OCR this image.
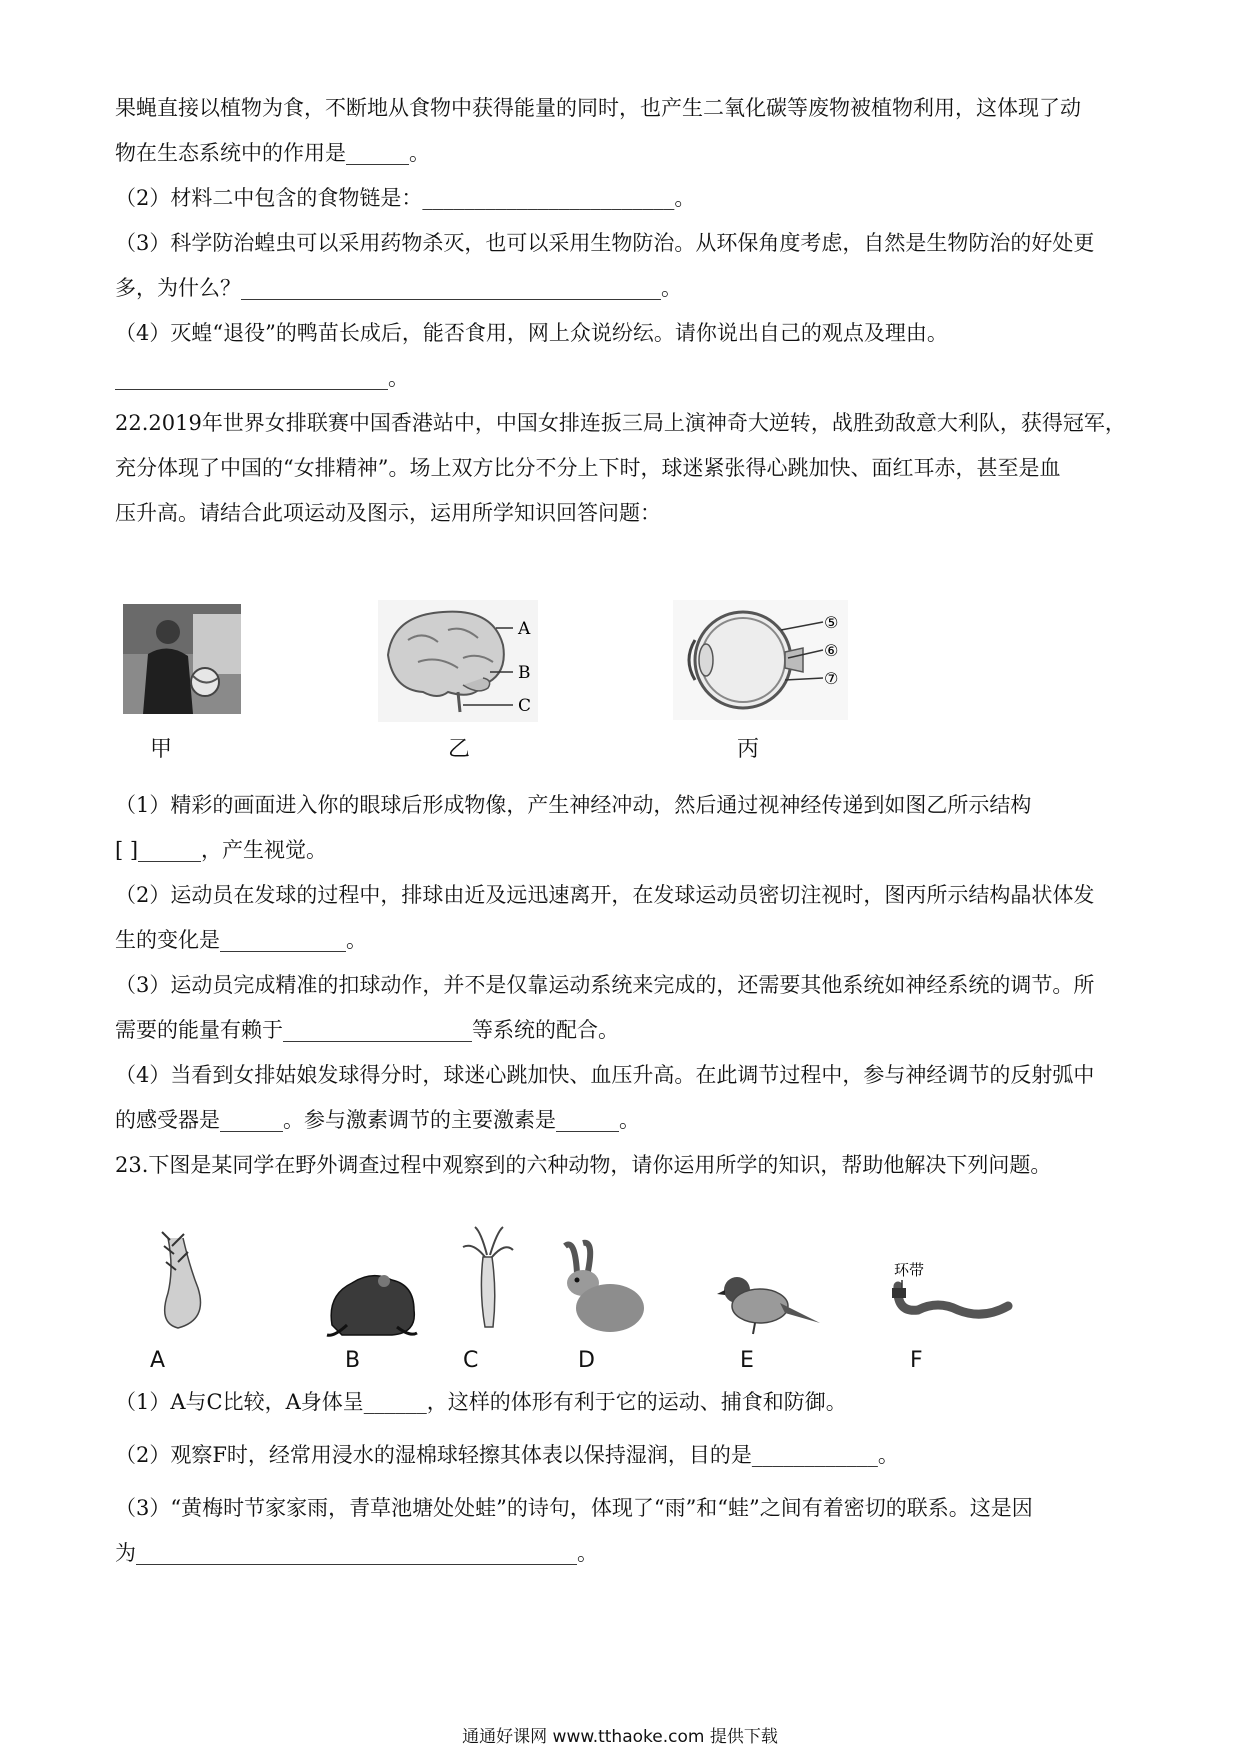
果蝇直接以植物为食，不断地从食物中获得能量的同时，也产生二氧化碳等废物被植物利用，这体现了动
物在生态系统中的作用是______。
（2）材料二中包含的食物链是：________________________。
（3）科学防治蝗虫可以采用药物杀灭，也可以采用生物防治。从环保角度考虑，自然是生物防治的好处更
多，为什么？________________________________________。
（4）灭蝗“退役”的鸭苗长成后，能否食用，网上众说纷纭。请你说出自己的观点及理由。
__________________________。
22.2019年世界女排联赛中国香港站中，中国女排连扳三局上演神奇大逆转，战胜劲敌意大利队，获得冠军，
充分体现了中国的“女排精神”。场上双方比分不分上下时，球迷紧张得心跳加快、面红耳赤，甚至是血
压升高。请结合此项运动及图示，运用所学知识回答问题：
甲
A
B
C
乙
⑤
⑥
⑦
丙
（1）精彩的画面进入你的眼球后形成物像，产生神经冲动，然后通过视神经传递到如图乙所示结构
[ ]______，产生视觉。
（2）运动员在发球的过程中，排球由近及远迅速离开，在发球运动员密切注视时，图丙所示结构晶状体发
生的变化是____________。
（3）运动员完成精准的扣球动作，并不是仅靠运动系统来完成的，还需要其他系统如神经系统的调节。所
需要的能量有赖于__________________等系统的配合。
（4）当看到女排姑娘发球得分时，球迷心跳加快、血压升高。在此调节过程中，参与神经调节的反射弧中
的感受器是______。参与激素调节的主要激素是______。
23.下图是某同学在野外调查过程中观察到的六种动物，请你运用所学的知识，帮助他解决下列问题。
A	B	C	D	E
环带
F
（1）A与C比较，A身体呈______，这样的体形有利于它的运动、捕食和防御。
（2）观察F时，经常用浸水的湿棉球轻擦其体表以保持湿润，目的是____________。
（3）“黄梅时节家家雨，青草池塘处处蛙”的诗句，体现了“雨”和“蛙”之间有着密切的联系。这是因
为__________________________________________。
通通好课网 www.tthaoke.com 提供下载
